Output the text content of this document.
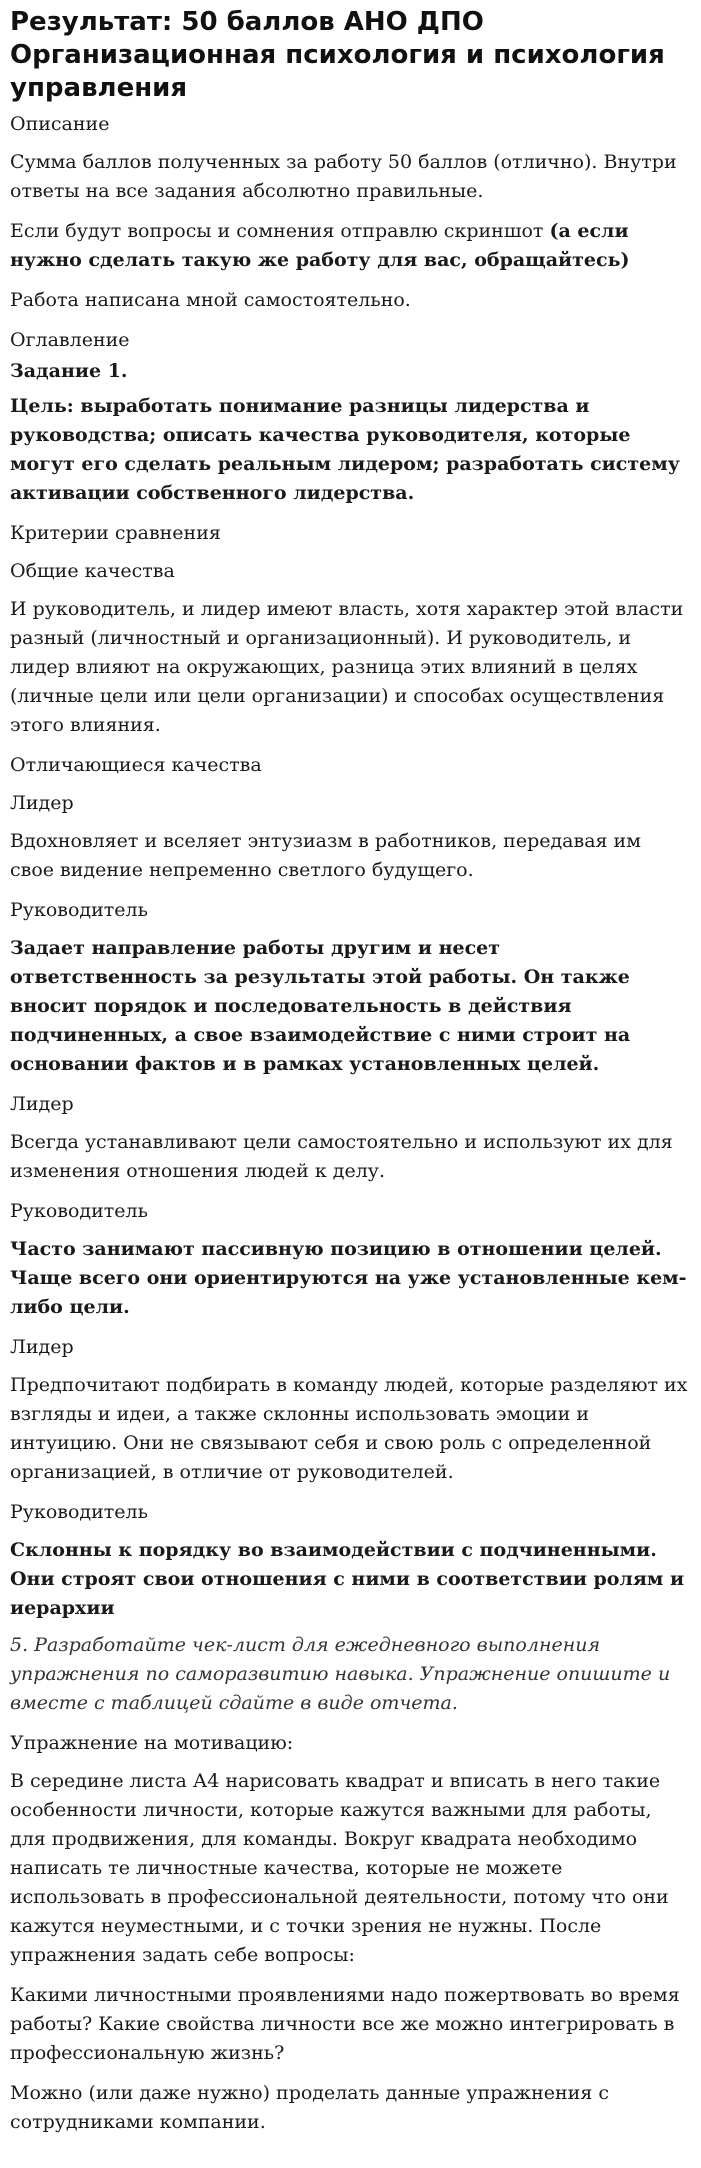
Результат: 50 баллов АНО ДПО Организационная психология и психология управления

Описание

Сумма баллов полученных за работу 50 баллов (отлично). Внутри ответы на все задания абсолютно правильные.

Если будут вопросы и сомнения отправлю скриншот (а если нужно сделать такую же работу для вас, обращайтесь)

Работа написана мной самостоятельно.

Оглавление

Задание 1.

Цель: выработать понимание разницы лидерства и руководства; описать качества руководителя, которые могут его сделать реальным лидером; разработать систему активации собственного лидерства.

Критерии сравнения

Общие качества

И руководитель, и лидер имеют власть, хотя характер этой власти разный (личностный и организационный). И руководитель, и лидер влияют на окружающих, разница этих влияний в целях (личные цели или цели организации) и способах осуществления этого влияния.

Отличающиеся качества

Лидер

Вдохновляет и вселяет энтузиазм в работников, передавая им свое видение непременно светлого будущего.

Руководитель

Задает направление работы другим и несет ответственность за результаты этой работы. Он также вносит порядок и последовательность в действия подчиненных, а свое взаимодействие с ними строит на основании фактов и в рамках установленных целей.

Лидер

Всегда устанавливают цели самостоятельно и используют их для изменения отношения людей к делу.

Руководитель

Часто занимают пассивную позицию в отношении целей. Чаще всего они ориентируются на уже установленные кем-либо цели.

Лидер

Предпочитают подбирать в команду людей, которые разделяют их взгляды и идеи, а также склонны использовать эмоции и интуицию. Они не связывают себя и свою роль с определенной организацией, в отличие от руководителей.

Руководитель

Склонны к порядку во взаимодействии с подчиненными. Они строят свои отношения с ними в соответствии ролям и иерархии

5. Разработайте чек-лист для ежедневного выполнения упражнения по саморазвитию навыка. Упражнение опишите и вместе с таблицей сдайте в виде отчета.

Упражнение на мотивацию:

В середине листа А4 нарисовать квадрат и вписать в него такие особенности личности, которые кажутся важными для работы, для продвижения, для команды. Вокруг квадрата необходимо написать те личностные качества, которые не можете использовать в профессиональной деятельности, потому что они кажутся неуместными, и с точки зрения не нужны. После упражнения задать себе вопросы:

Какими личностными проявлениями надо пожертвовать во время работы? Какие свойства личности все же можно интегрировать в профессиональную жизнь?

Можно (или даже нужно) проделать данные упражнения с сотрудниками компании.
